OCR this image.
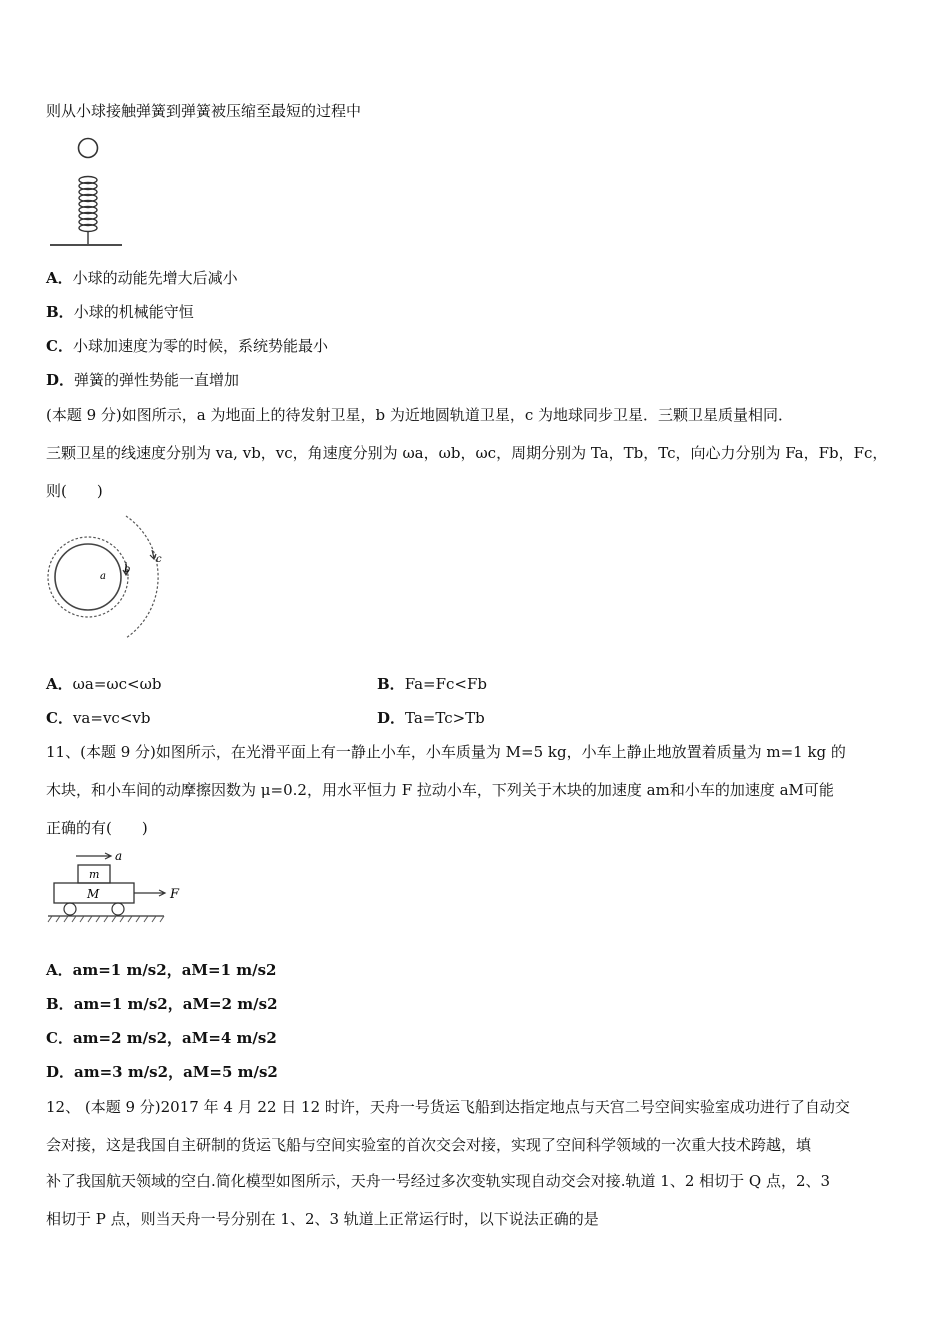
则从小球接触弹簧到弹簧被压缩至最短的过程中
A．小球的动能先增大后减小
B．小球的机械能守恒
C．小球加速度为零的时候，系统势能最小
D．弹簧的弹性势能一直增加
(本题 9 分)如图所示，a 为地面上的待发射卫星，b 为近地圆轨道卫星，c 为地球同步卫星．三颗卫星质量相同．
三颗卫星的线速度分别为 va, vb，vc，角速度分别为 ωa，ωb，ωc，周期分别为 Ta，Tb，Tc，向心力分别为 Fa，Fb，Fc，
则(　　)
a
b
c
A．ωa=ωc<ωb	B．Fa=Fc<Fb
C．va=vc<vb	D．Ta=Tc>Tb
11、(本题 9 分)如图所示，在光滑平面上有一静止小车，小车质量为 M=5 kg，小车上静止地放置着质量为 m=1 kg 的
木块，和小车间的动摩擦因数为 μ=0.2，用水平恒力 F 拉动小车，下列关于木块的加速度 am和小车的加速度 aM可能
正确的有(　　)
a
m
M	F
A．am=1 m/s2，aM=1 m/s2
B．am=1 m/s2，aM=2 m/s2
C．am=2 m/s2，aM=4 m/s2
D．am=3 m/s2，aM=5 m/s2
12、 (本题 9 分)2017 年 4 月 22 日 12 时许，天舟一号货运飞船到达指定地点与天宫二号空间实验室成功进行了自动交
会对接，这是我国自主研制的货运飞船与空间实验室的首次交会对接，实现了空间科学领域的一次重大技术跨越，填
补了我国航天领域的空白.简化模型如图所示，天舟一号经过多次变轨实现自动交会对接.轨道 1、2 相切于 Q 点，2、3
相切于 P 点，则当天舟一号分别在 1、2、3 轨道上正常运行时，以下说法正确的是
